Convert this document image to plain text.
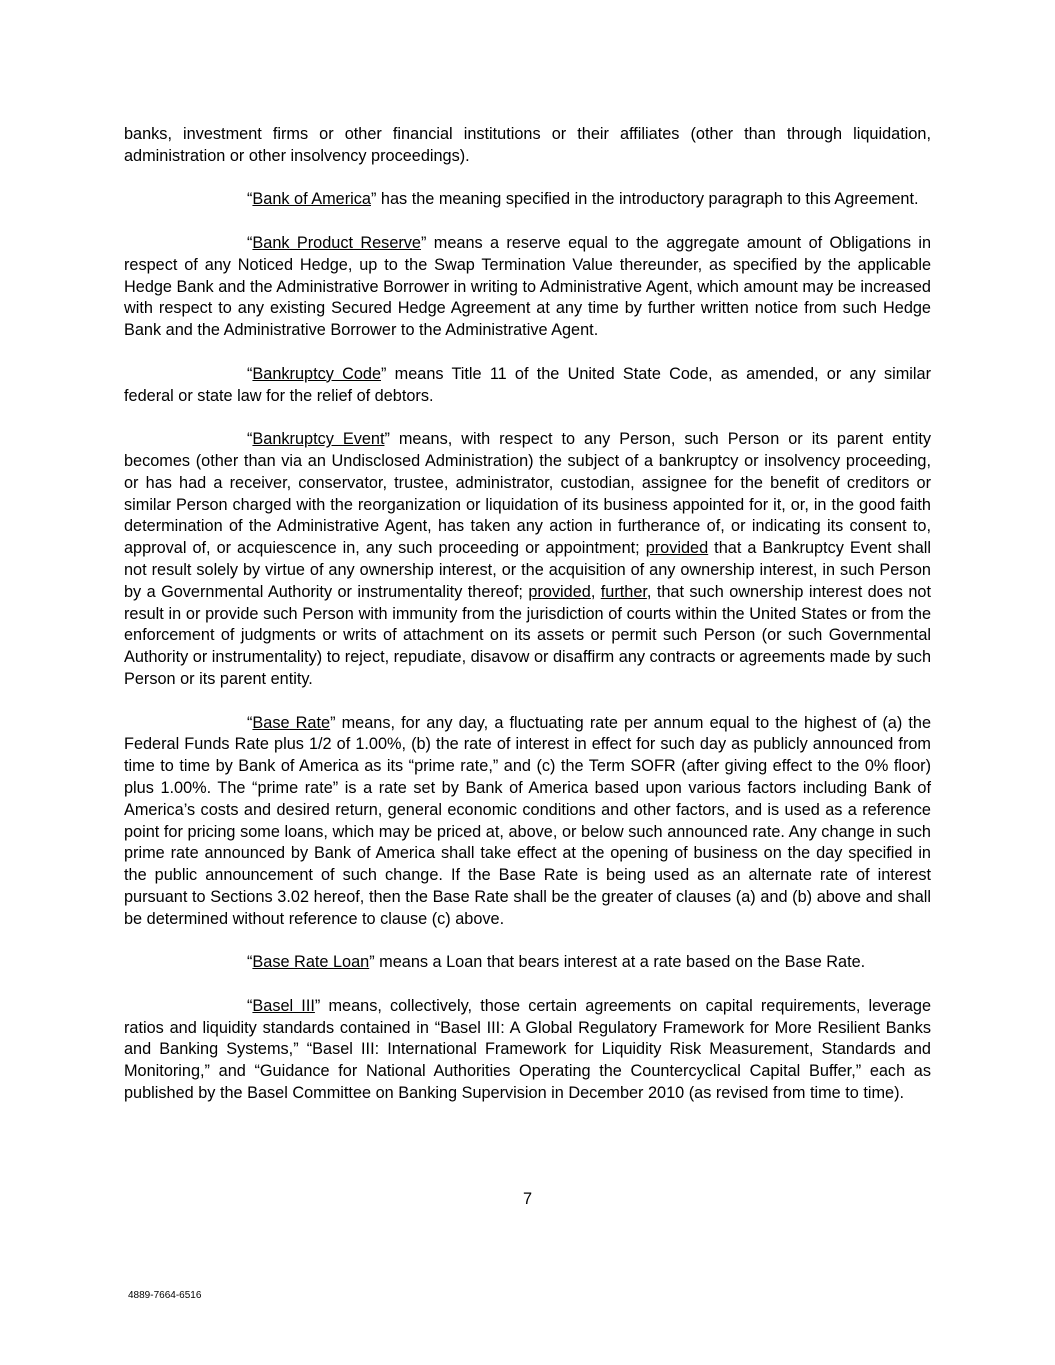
banks, investment firms or other financial institutions or their affiliates (other than through liquidation, administration or other insolvency proceedings).

“Bank of America” has the meaning specified in the introductory paragraph to this Agreement.

“Bank Product Reserve” means a reserve equal to the aggregate amount of Obligations in respect of any Noticed Hedge, up to the Swap Termination Value thereunder, as specified by the applicable Hedge Bank and the Administrative Borrower in writing to Administrative Agent, which amount may be increased with respect to any existing Secured Hedge Agreement at any time by further written notice from such Hedge Bank and the Administrative Borrower to the Administrative Agent.

“Bankruptcy Code” means Title 11 of the United State Code, as amended, or any similar federal or state law for the relief of debtors.

“Bankruptcy Event” means, with respect to any Person, such Person or its parent entity becomes (other than via an Undisclosed Administration) the subject of a bankruptcy or insolvency proceeding, or has had a receiver, conservator, trustee, administrator, custodian, assignee for the benefit of creditors or similar Person charged with the reorganization or liquidation of its business appointed for it, or, in the good faith determination of the Administrative Agent, has taken any action in furtherance of, or indicating its consent to, approval of, or acquiescence in, any such proceeding or appointment; provided that a Bankruptcy Event shall not result solely by virtue of any ownership interest, or the acquisition of any ownership interest, in such Person by a Governmental Authority or instrumentality thereof; provided, further, that such ownership interest does not result in or provide such Person with immunity from the jurisdiction of courts within the United States or from the enforcement of judgments or writs of attachment on its assets or permit such Person (or such Governmental Authority or instrumentality) to reject, repudiate, disavow or disaffirm any contracts or agreements made by such Person or its parent entity.

“Base Rate” means, for any day, a fluctuating rate per annum equal to the highest of (a) the Federal Funds Rate plus 1/2 of 1.00%, (b) the rate of interest in effect for such day as publicly announced from time to time by Bank of America as its “prime rate,” and (c) the Term SOFR (after giving effect to the 0% floor) plus 1.00%. The “prime rate” is a rate set by Bank of America based upon various factors including Bank of America’s costs and desired return, general economic conditions and other factors, and is used as a reference point for pricing some loans, which may be priced at, above, or below such announced rate. Any change in such prime rate announced by Bank of America shall take effect at the opening of business on the day specified in the public announcement of such change. If the Base Rate is being used as an alternate rate of interest pursuant to Sections 3.02 hereof, then the Base Rate shall be the greater of clauses (a) and (b) above and shall be determined without reference to clause (c) above.

“Base Rate Loan” means a Loan that bears interest at a rate based on the Base Rate.

“Basel III” means, collectively, those certain agreements on capital requirements, leverage ratios and liquidity standards contained in “Basel III: A Global Regulatory Framework for More Resilient Banks and Banking Systems,” “Basel III: International Framework for Liquidity Risk Measurement, Standards and Monitoring,” and “Guidance for National Authorities Operating the Countercyclical Capital Buffer,” each as published by the Basel Committee on Banking Supervision in December 2010 (as revised from time to time).

7
4889-7664-6516
